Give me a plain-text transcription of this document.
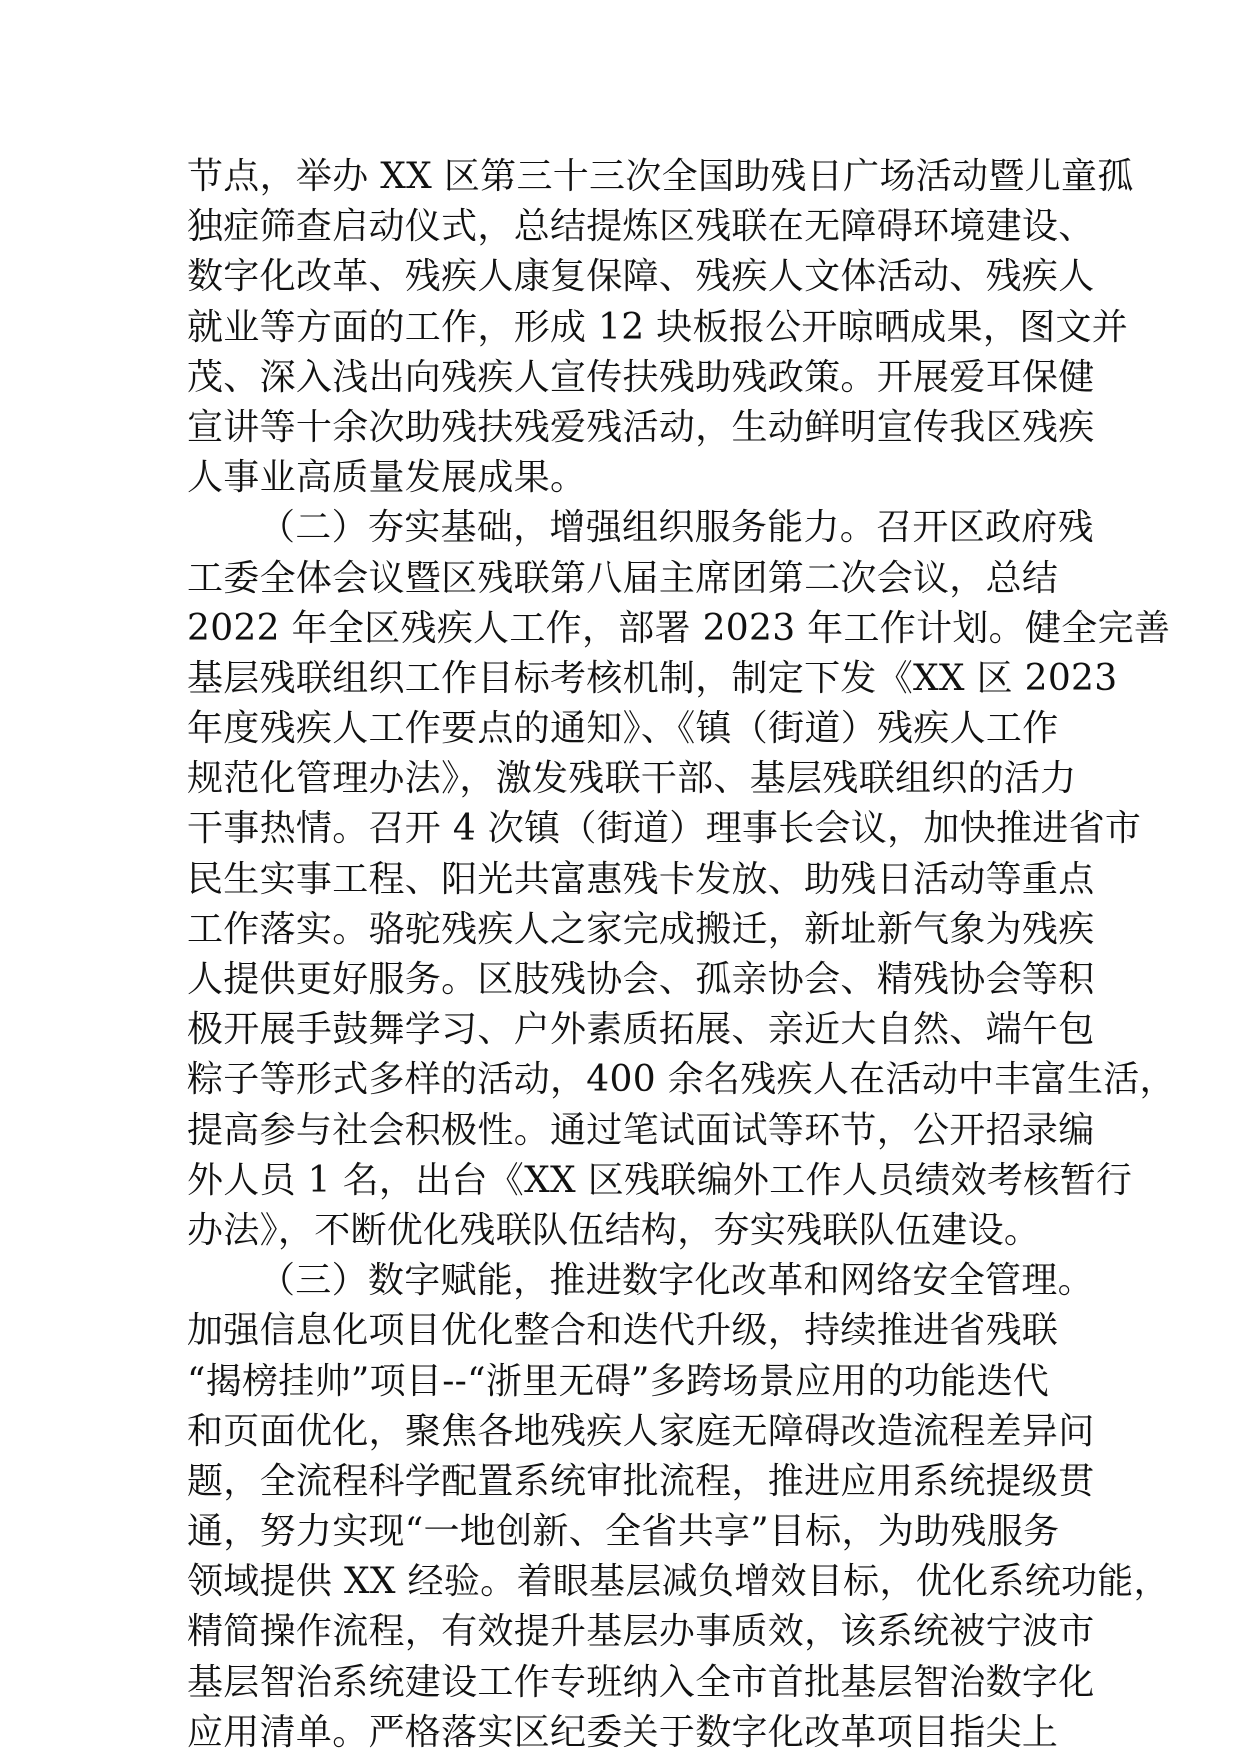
节点，举办 XX 区第三十三次全国助残日广场活动暨儿童孤
独症筛查启动仪式，总结提炼区残联在无障碍环境建设、
数字化改革、残疾人康复保障、残疾人文体活动、残疾人
就业等方面的工作，形成 12 块板报公开晾晒成果，图文并
茂、深入浅出向残疾人宣传扶残助残政策。开展爱耳保健
宣讲等十余次助残扶残爱残活动，生动鲜明宣传我区残疾
人事业高质量发展成果。
（二）夯实基础，增强组织服务能力。召开区政府残
工委全体会议暨区残联第八届主席团第二次会议，总结
2022 年全区残疾人工作，部署 2023 年工作计划。健全完善
基层残联组织工作目标考核机制，制定下发《XX 区 2023
年度残疾人工作要点的通知》、《镇（街道）残疾人工作
规范化管理办法》，激发残联干部、基层残联组织的活力
干事热情。召开 4 次镇（街道）理事长会议，加快推进省市
民生实事工程、阳光共富惠残卡发放、助残日活动等重点
工作落实。骆驼残疾人之家完成搬迁，新址新气象为残疾
人提供更好服务。区肢残协会、孤亲协会、精残协会等积
极开展手鼓舞学习、户外素质拓展、亲近大自然、端午包
粽子等形式多样的活动，400 余名残疾人在活动中丰富生活，
提高参与社会积极性。通过笔试面试等环节，公开招录编
外人员 1 名，出台《XX 区残联编外工作人员绩效考核暂行
办法》，不断优化残联队伍结构，夯实残联队伍建设。
（三）数字赋能，推进数字化改革和网络安全管理。
加强信息化项目优化整合和迭代升级，持续推进省残联
“揭榜挂帅”项目--“浙里无碍”多跨场景应用的功能迭代
和页面优化，聚焦各地残疾人家庭无障碍改造流程差异问
题，全流程科学配置系统审批流程，推进应用系统提级贯
通，努力实现“一地创新、全省共享”目标，为助残服务
领域提供 XX 经验。着眼基层减负增效目标，优化系统功能，
精简操作流程，有效提升基层办事质效，该系统被宁波市
基层智治系统建设工作专班纳入全市首批基层智治数字化
应用清单。严格落实区纪委关于数字化改革项目指尖上
